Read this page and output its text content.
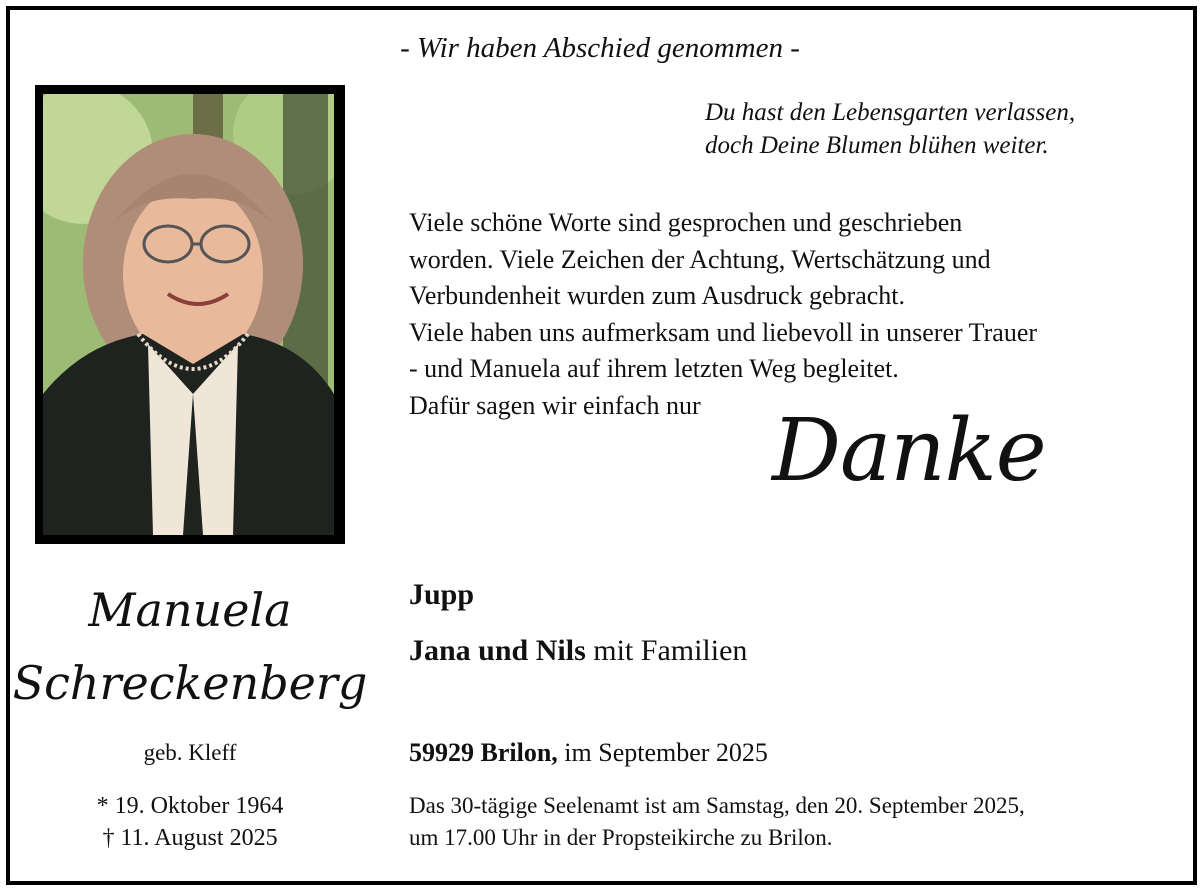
- Wir haben Abschied genommen -
Du hast den Lebensgarten verlassen,
doch Deine Blumen blühen weiter.
Viele schöne Worte sind gesprochen und geschrieben
worden. Viele Zeichen der Achtung, Wertschätzung und
Verbundenheit wurden zum Ausdruck gebracht.
Viele haben uns aufmerksam und liebevoll in unserer Trauer
- und Manuela auf ihrem letzten Weg begleitet.
Dafür sagen wir einfach nur Danke
Manuela
Schreckenberg
geb. Kleff
* 19. Oktober 1964
† 11. August 2025
Jupp
Jana und Nils mit Familien
59929 Brilon, im September 2025
Das 30-tägige Seelenamt ist am Samstag, den 20. September 2025,
um 17.00 Uhr in der Propsteikirche zu Brilon.
